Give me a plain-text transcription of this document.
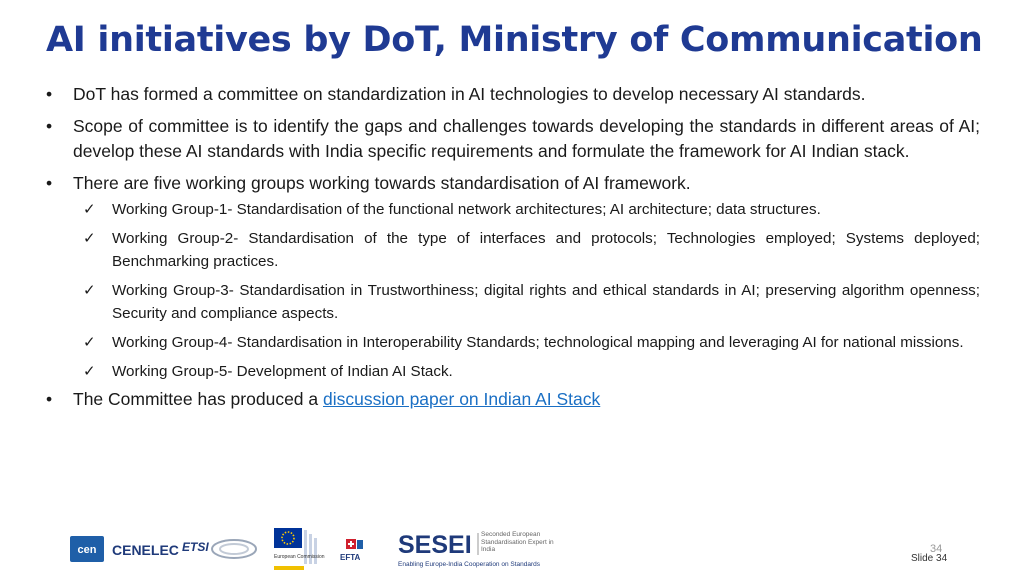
AI initiatives by DoT, Ministry of Communication
• DoT has formed a committee on standardization in AI technologies to develop necessary AI standards.
• Scope of committee is to identify the gaps and challenges towards developing the standards in different areas of AI; develop these AI standards with India specific requirements and formulate the framework for AI Indian stack.
• There are five working groups working towards standardisation of AI framework.
✓ Working Group-1- Standardisation of the functional network architectures; AI architecture; data structures.
✓ Working Group-2- Standardisation of the type of interfaces and protocols; Technologies employed; Systems deployed; Benchmarking practices.
✓ Working Group-3- Standardisation in Trustworthiness; digital rights and ethical standards in AI; preserving algorithm openness; Security and compliance aspects.
✓ Working Group-4- Standardisation in Interoperability Standards; technological mapping and leveraging AI for national missions.
✓ Working Group-5- Development of Indian AI Stack.
• The Committee has produced a discussion paper on Indian AI Stack
cen CENELEC ETSI
European Commission EFTA SESEI Seconded European Standardisation Expert in India
Enabling Europe-India Cooperation on Standards
34
Slide 34
